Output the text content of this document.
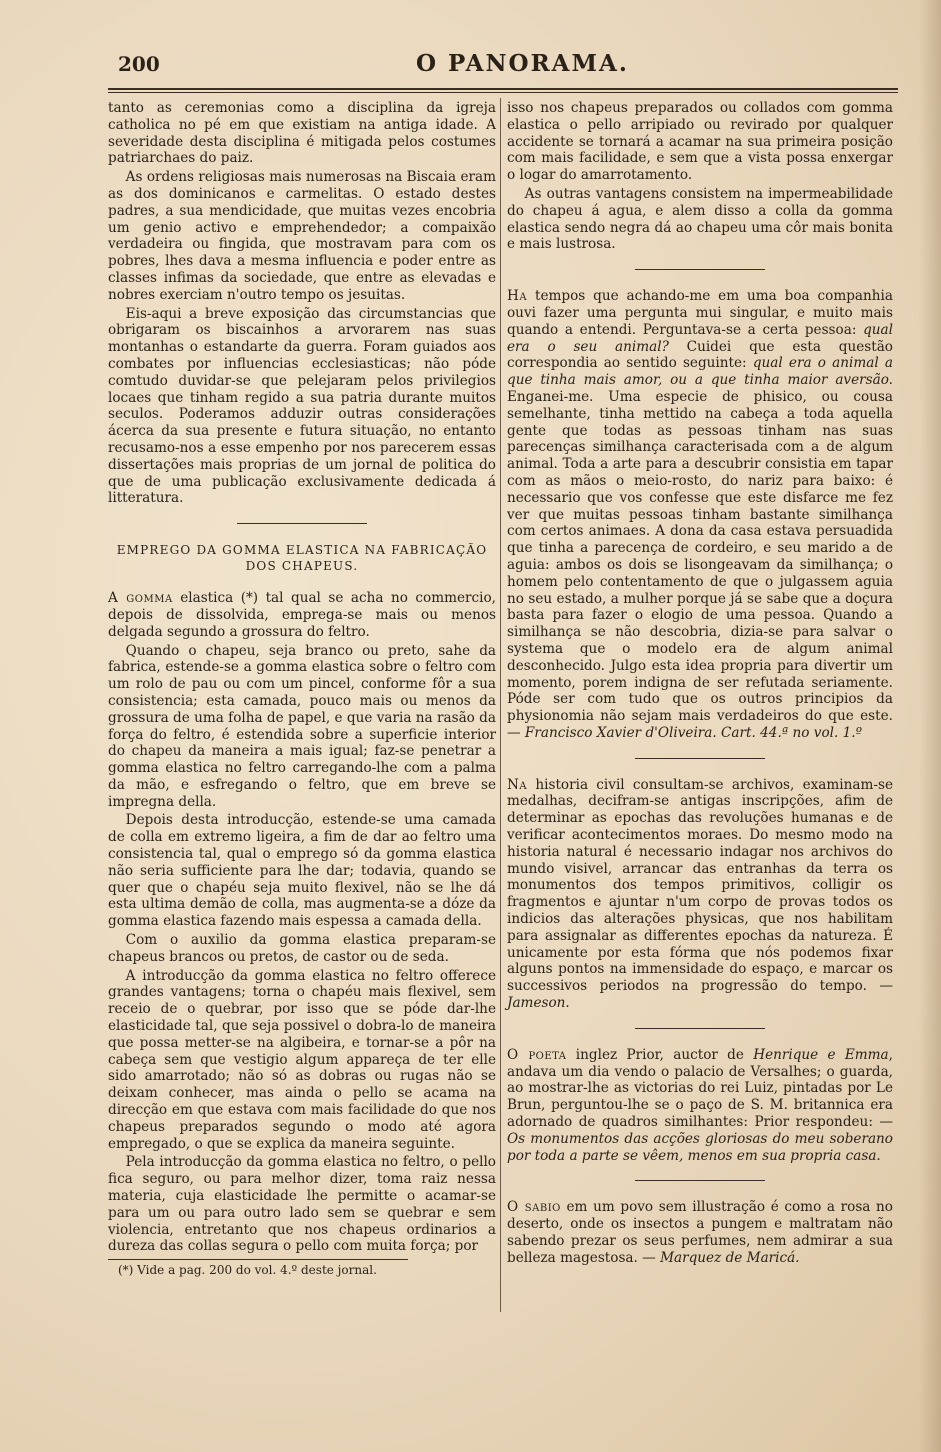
200	O PANORAMA.

tanto as ceremonias como a disciplina da igreja catholica no pé em que existiam na antiga idade. A severidade desta disciplina é mitigada pelos costumes patriarchaes do paiz.

As ordens religiosas mais numerosas na Biscaia eram as dos dominicanos e carmelitas. O estado destes padres, a sua mendicidade, que muitas vezes encobria um genio activo e emprehendedor; a compaixão verdadeira ou fingida, que mostravam para com os pobres, lhes dava a mesma influencia e poder entre as classes infimas da sociedade, que entre as elevadas e nobres exerciam n'outro tempo os jesuitas.

Eis-aqui a breve exposição das circumstancias que obrigaram os biscainhos a arvorarem nas suas montanhas o estandarte da guerra. Foram guiados aos combates por influencias ecclesiasticas; não póde comtudo duvidar-se que pelejaram pelos privilegios locaes que tinham regido a sua patria durante muitos seculos. Poderamos adduzir outras considerações ácerca da sua presente e futura situação, no entanto recusamo-nos a esse empenho por nos parecerem essas dissertações mais proprias de um jornal de politica do que de uma publicação exclusivamente dedicada á litteratura.

EMPREGO DA GOMMA ELASTICA NA FABRICAÇÃO DOS CHAPEUS.

A gomma elastica (*) tal qual se acha no commercio, depois de dissolvida, emprega-se mais ou menos delgada segundo a grossura do feltro.

Quando o chapeu, seja branco ou preto, sahe da fabrica, estende-se a gomma elastica sobre o feltro com um rolo de pau ou com um pincel, conforme fôr a sua consistencia; esta camada, pouco mais ou menos da grossura de uma folha de papel, e que varia na rasão da força do feltro, é estendida sobre a superficie interior do chapeu da maneira a mais igual; faz-se penetrar a gomma elastica no feltro carregando-lhe com a palma da mão, e esfregando o feltro, que em breve se impregna della.

Depois desta introducção, estende-se uma camada de colla em extremo ligeira, a fim de dar ao feltro uma consistencia tal, qual o emprego só da gomma elastica não seria sufficiente para lhe dar; todavia, quando se quer que o chapéu seja muito flexivel, não se lhe dá esta ultima demão de colla, mas augmenta-se a dóze da gomma elastica fazendo mais espessa a camada della.

Com o auxilio da gomma elastica preparam-se chapeus brancos ou pretos, de castor ou de seda.

A introducção da gomma elastica no feltro offerece grandes vantagens; torna o chapéu mais flexivel, sem receio de o quebrar, por isso que se póde dar-lhe elasticidade tal, que seja possivel o dobra-lo de maneira que possa metter-se na algibeira, e tornar-se a pôr na cabeça sem que vestigio algum appareça de ter elle sido amarrotado; não só as dobras ou rugas não se deixam conhecer, mas ainda o pello se acama na direcção em que estava com mais facilidade do que nos chapeus preparados segundo o modo até agora empregado, o que se explica da maneira seguinte.

Pela introducção da gomma elastica no feltro, o pello fica seguro, ou para melhor dizer, toma raiz nessa materia, cuja elasticidade lhe permitte o acamar-se para um ou para outro lado sem se quebrar e sem violencia, entretanto que nos chapeus ordinarios a dureza das collas segura o pello com muita força; por

(*) Vide a pag. 200 do vol. 4.º deste jornal.

isso nos chapeus preparados ou collados com gomma elastica o pello arripiado ou revirado por qualquer accidente se tornará a acamar na sua primeira posição com mais facilidade, e sem que a vista possa enxergar o logar do amarrotamento.

As outras vantagens consistem na impermeabilidade do chapeu á agua, e alem disso a colla da gomma elastica sendo negra dá ao chapeu uma côr mais bonita e mais lustrosa.

Ha tempos que achando-me em uma boa companhia ouvi fazer uma pergunta mui singular, e muito mais quando a entendi. Perguntava-se a certa pessoa: qual era o seu animal? Cuidei que esta questão correspondia ao sentido seguinte: qual era o animal a que tinha mais amor, ou a que tinha maior aversão. Enganei-me. Uma especie de phisico, ou cousa semelhante, tinha mettido na cabeça a toda aquella gente que todas as pessoas tinham nas suas parecenças similhança caracterisada com a de algum animal. Toda a arte para a descubrir consistia em tapar com as mãos o meio-rosto, do nariz para baixo: é necessario que vos confesse que este disfarce me fez ver que muitas pessoas tinham bastante similhança com certos animaes. A dona da casa estava persuadida que tinha a parecença de cordeiro, e seu marido a de aguia: ambos os dois se lisongeavam da similhança; o homem pelo contentamento de que o julgassem aguia no seu estado, a mulher porque já se sabe que a doçura basta para fazer o elogio de uma pessoa. Quando a similhança se não descobria, dizia-se para salvar o systema que o modelo era de algum animal desconhecido. Julgo esta idea propria para divertir um momento, porem indigna de ser refutada seriamente. Póde ser com tudo que os outros principios da physionomia não sejam mais verdadeiros do que este. — Francisco Xavier d'Oliveira. Cart. 44.ª no vol. 1.º

Na historia civil consultam-se archivos, examinam-se medalhas, decifram-se antigas inscripções, afim de determinar as epochas das revoluções humanas e de verificar acontecimentos moraes. Do mesmo modo na historia natural é necessario indagar nos archivos do mundo visivel, arrancar das entranhas da terra os monumentos dos tempos primitivos, colligir os fragmentos e ajuntar n'um corpo de provas todos os indicios das alterações physicas, que nos habilitam para assignalar as differentes epochas da natureza. É unicamente por esta fórma que nós podemos fixar alguns pontos na immensidade do espaço, e marcar os successivos periodos na progressão do tempo. — Jameson.

O poeta inglez Prior, auctor de Henrique e Emma, andava um dia vendo o palacio de Versalhes; o guarda, ao mostrar-lhe as victorias do rei Luiz, pintadas por Le Brun, perguntou-lhe se o paço de S. M. britannica era adornado de quadros similhantes: Prior respondeu: — Os monumentos das acções gloriosas do meu soberano por toda a parte se vêem, menos em sua propria casa.

O sabio em um povo sem illustração é como a rosa no deserto, onde os insectos a pungem e maltratam não sabendo prezar os seus perfumes, nem admirar a sua belleza magestosa. — Marquez de Maricá.
